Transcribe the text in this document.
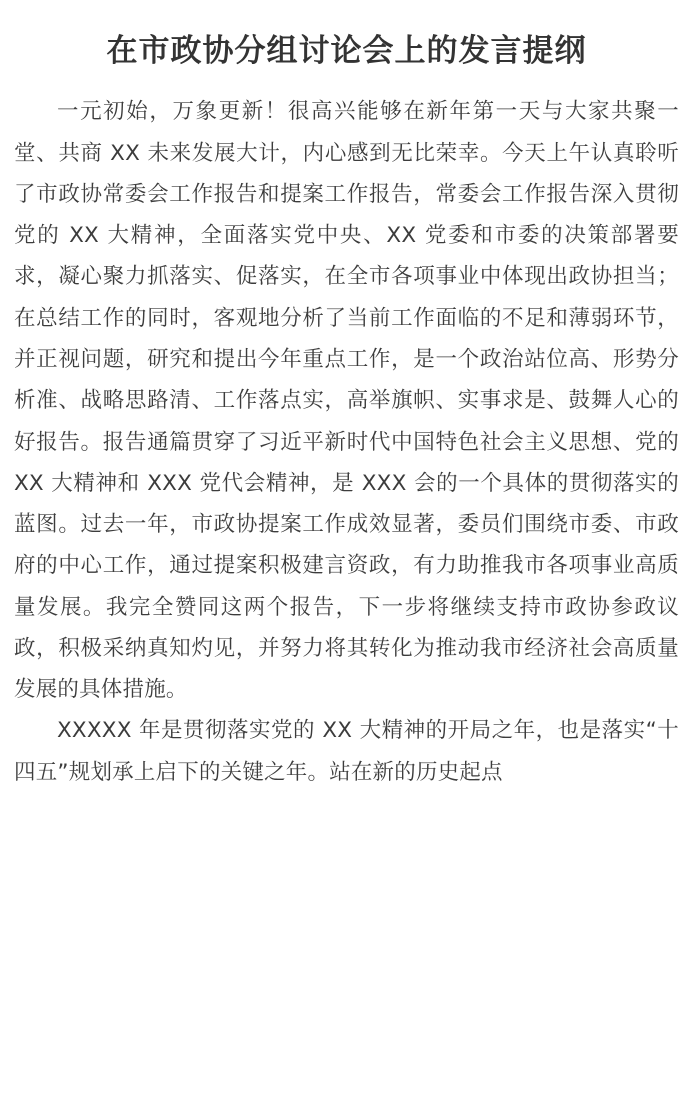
在市政协分组讨论会上的发言提纲

一元初始，万象更新！很高兴能够在新年第一天与大家共聚一堂、共商 XX 未来发展大计，内心感到无比荣幸。今天上午认真聆听了市政协常委会工作报告和提案工作报告，常委会工作报告深入贯彻党的 XX 大精神，全面落实党中央、XX 党委和市委的决策部署要求，凝心聚力抓落实、促落实，在全市各项事业中体现出政协担当；在总结工作的同时，客观地分析了当前工作面临的不足和薄弱环节，并正视问题，研究和提出今年重点工作，是一个政治站位高、形势分析准、战略思路清、工作落点实，高举旗帜、实事求是、鼓舞人心的好报告。报告通篇贯穿了习近平新时代中国特色社会主义思想、党的 XX 大精神和 XXX 党代会精神，是 XXX 会的一个具体的贯彻落实的蓝图。过去一年，市政协提案工作成效显著，委员们围绕市委、市政府的中心工作，通过提案积极建言资政，有力助推我市各项事业高质量发展。我完全赞同这两个报告，下一步将继续支持市政协参政议政，积极采纳真知灼见，并努力将其转化为推动我市经济社会高质量发展的具体措施。

XXXXX 年是贯彻落实党的 XX 大精神的开局之年，也是落实“十四五”规划承上启下的关键之年。站在新的历史起点
